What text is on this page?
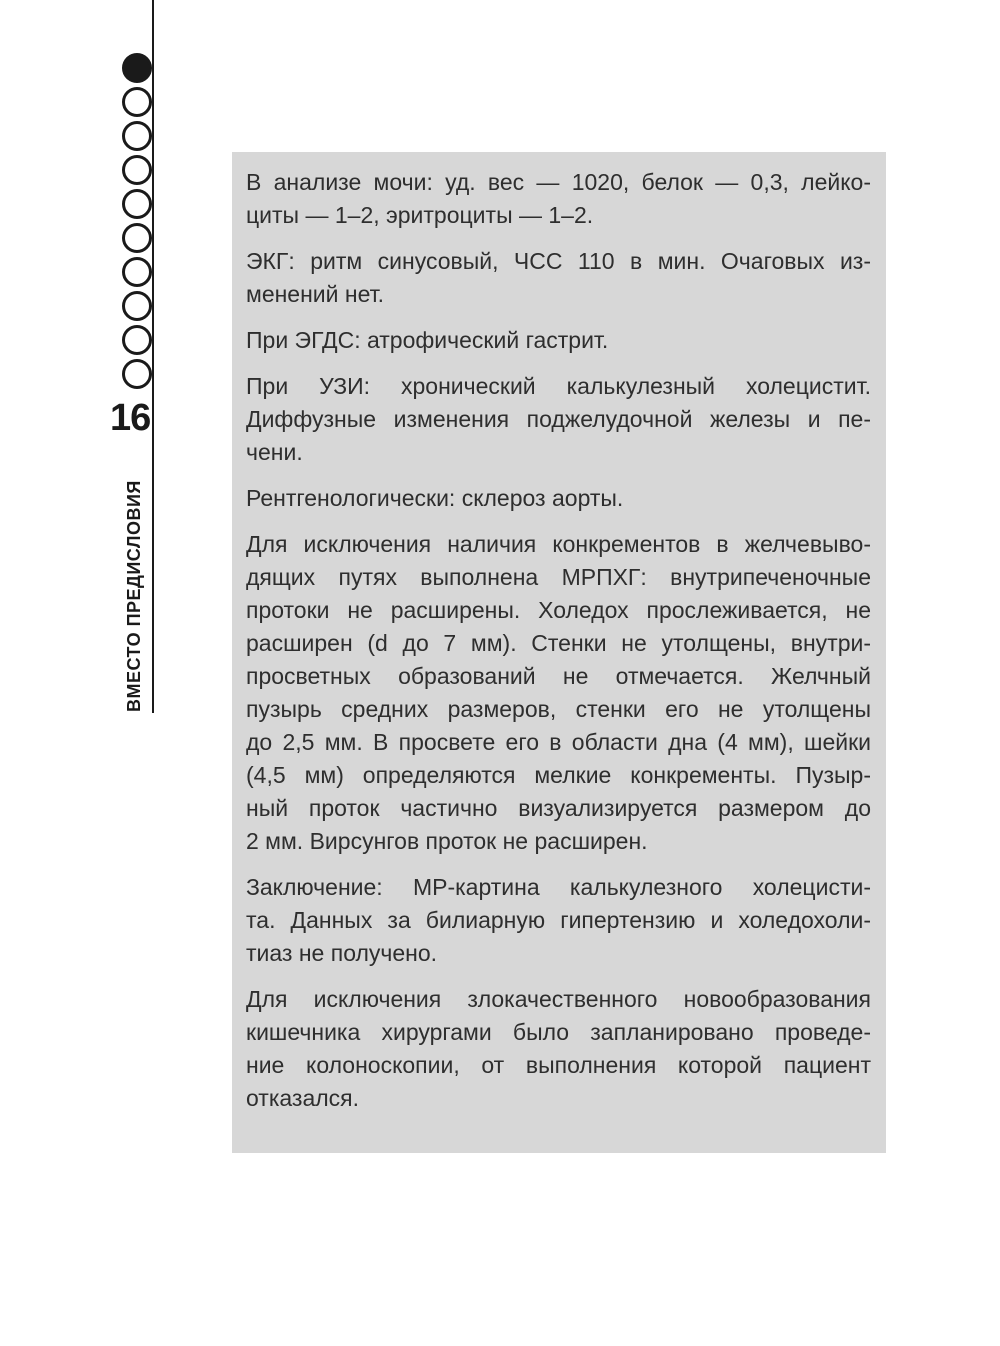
16
ВМЕСТО ПРЕДИСЛОВИЯ
В анализе мочи: уд. вес — 1020, белок — 0,3, лейко-
циты — 1–2, эритроциты — 1–2.
ЭКГ: ритм синусовый, ЧСС 110 в мин. Очаговых из-
менений нет.
При ЭГДС: атрофический гастрит.
При УЗИ: хронический калькулезный холецистит.
Диффузные изменения поджелудочной железы и пе-
чени.
Рентгенологически: склероз аорты.
Для исключения наличия конкрементов в желчевыво-
дящих путях выполнена МРПХГ: внутрипеченочные
протоки не расширены. Холедох прослеживается, не
расширен (d до 7 мм). Стенки не утолщены, внутри-
просветных образований не отмечается. Желчный
пузырь средних размеров, стенки его не утолщены
до 2,5 мм. В просвете его в области дна (4 мм), шейки
(4,5 мм) определяются мелкие конкременты. Пузыр-
ный проток частично визуализируется размером до
2 мм. Вирсунгов проток не расширен.
Заключение: МР-картина калькулезного холецисти-
та. Данных за билиарную гипертензию и холедохоли-
тиаз не получено.
Для исключения злокачественного новообразования
кишечника хирургами было запланировано проведе-
ние колоноскопии, от выполнения которой пациент
отказался.
